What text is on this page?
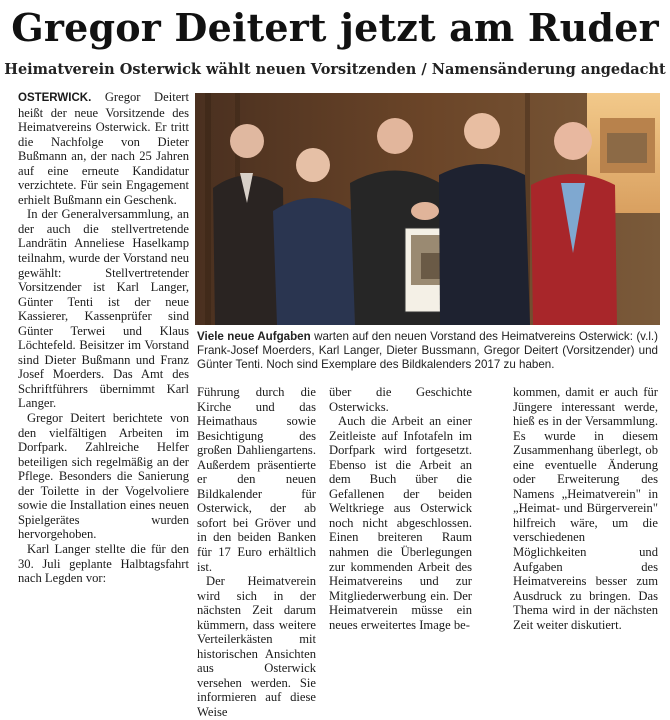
Gregor Deitert jetzt am Ruder
Heimatverein Osterwick wählt neuen Vorsitzenden / Namensänderung angedacht

OSTERWICK. Gregor Deitert heißt der neue Vorsitzende des Heimatvereins Osterwick. Er tritt die Nachfolge von Dieter Bußmann an, der nach 25 Jahren auf eine erneute Kandidatur verzichtete. Für sein Engagement erhielt Bußmann ein Geschenk.

In der Generalversammlung, an der auch die stellvertretende Landrätin Anneliese Haselkamp teilnahm, wurde der Vorstand neu gewählt: Stellvertretender Vorsitzender ist Karl Langer, Günter Tenti ist der neue Kassierer, Kassenprüfer sind Günter Terwei und Klaus Löchtefeld. Beisitzer im Vorstand sind Dieter Bußmann und Franz Josef Moerders. Das Amt des Schriftführers übernimmt Karl Langer.

Gregor Deitert berichtete von den vielfältigen Arbeiten im Dorfpark. Zahlreiche Helfer beteiligen sich regelmäßig an der Pflege. Besonders die Sanierung der Toilette in der Vogelvoliere sowie die Installation eines neuen Spielgerätes wurden hervorgehoben.

Karl Langer stellte die für den 30. Juli geplante Halbtagsfahrt nach Legden vor:

Viele neue Aufgaben warten auf den neuen Vorstand des Heimatvereins Osterwick: (v.l.) Frank-Josef Moerders, Karl Langer, Dieter Bussmann, Gregor Deitert (Vorsitzender) und Günter Tenti. Noch sind Exemplare des Bildkalenders 2017 zu haben.

Führung durch die Kirche und das Heimathaus sowie Besichtigung des großen Dahliengartens. Außerdem präsentierte er den neuen Bildkalender für Osterwick, der ab sofort bei Gröver und in den beiden Banken für 17 Euro erhältlich ist.

Der Heimatverein wird sich in der nächsten Zeit darum kümmern, dass weitere Verteilerkästen mit historischen Ansichten aus Osterwick versehen werden. Sie informieren auf diese Weise

über die Geschichte Osterwicks.

Auch die Arbeit an einer Zeitleiste auf Infotafeln im Dorfpark wird fortgesetzt. Ebenso ist die Arbeit an dem Buch über die Gefallenen der beiden Weltkriege aus Osterwick noch nicht abgeschlossen. Einen breiteren Raum nahmen die Überlegungen zur kommenden Arbeit des Heimatvereins und zur Mitgliederwerbung ein. Der Heimatverein müsse ein neues erweitertes Image be-

kommen, damit er auch für Jüngere interessant werde, hieß es in der Versammlung. Es wurde in diesem Zusammenhang überlegt, ob eine eventuelle Änderung oder Erweiterung des Namens „Heimatverein" in „Heimat- und Bürgerverein" hilfreich wäre, um die verschiedenen Möglichkeiten und Aufgaben des Heimatvereins besser zum Ausdruck zu bringen. Das Thema wird in der nächsten Zeit weiter diskutiert.
